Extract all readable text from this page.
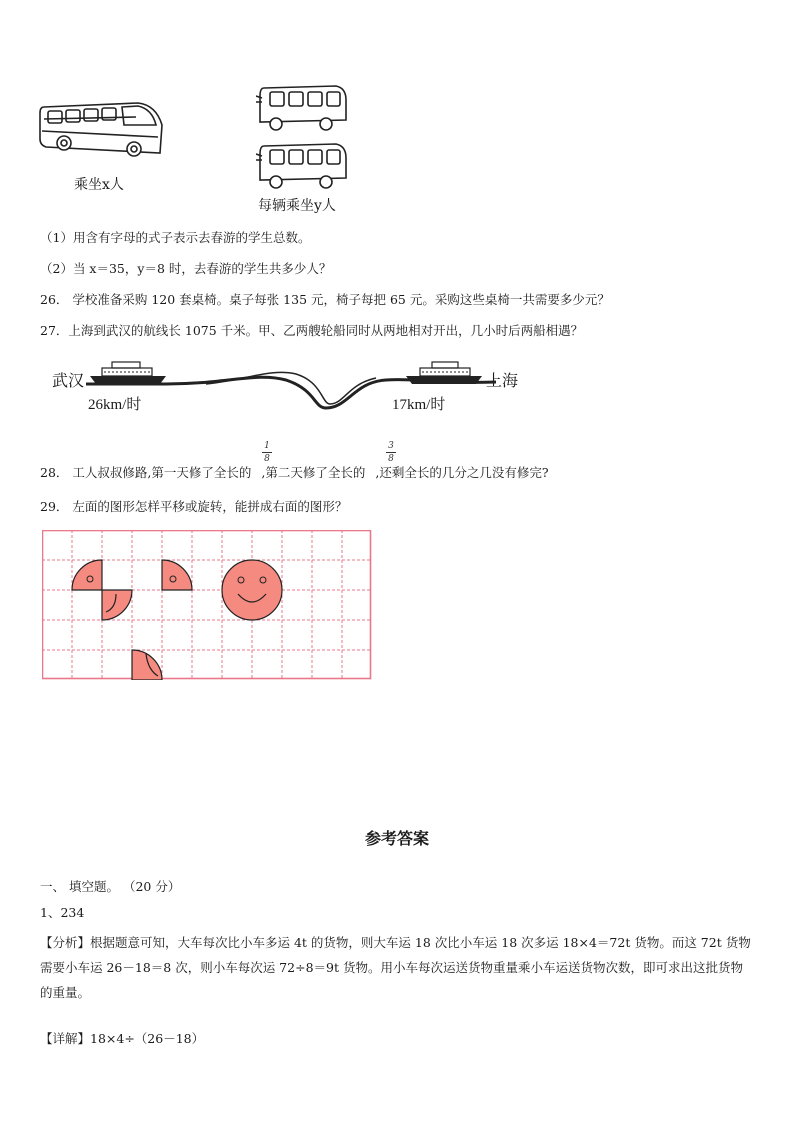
乘坐x人
每辆乘坐y人
（1）用含有字母的式子表示去春游的学生总数。
（2）当 x＝35，y＝8 时，去春游的学生共多少人？
26． 学校准备采购 120 套桌椅。桌子每张 135 元，椅子每把 65 元。采购这些桌椅一共需要多少元？
27．上海到武汉的航线长 1075 千米。甲、乙两艘轮船同时从两地相对开出，几小时后两船相遇？
武汉	上海
26km/时	17km/时
1
8
3
8
28． 工人叔叔修路,第一天修了全长的 ,第二天修了全长的 ,还剩全长的几分之几没有修完?
29． 左面的图形怎样平移或旋转，能拼成右面的图形？
参考答案
一、 填空题。 （20 分）
1、234
【分析】根据题意可知，大车每次比小车多运 4t 的货物，则大车运 18 次比小车运 18 次多运 18×4＝72t 货物。而这 72t 货物需要小车运 26－18＝8 次，则小车每次运 72÷8＝9t 货物。用小车每次运送货物重量乘小车运送货物次数，即可求出这批货物的重量。
【详解】18×4÷（26－18）
